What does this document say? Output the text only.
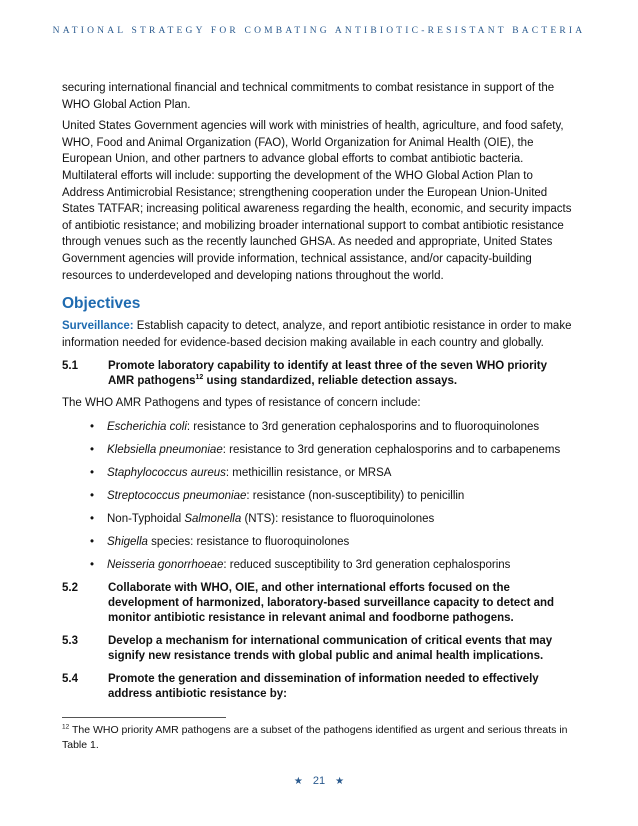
NATIONAL STRATEGY FOR COMBATING ANTIBIOTIC-RESISTANT BACTERIA

securing international financial and technical commitments to combat resistance in support of the WHO Global Action Plan.

United States Government agencies will work with ministries of health, agriculture, and food safety, WHO, Food and Animal Organization (FAO), World Organization for Animal Health (OIE), the European Union, and other partners to advance global efforts to combat antibiotic bacteria. Multilateral efforts will include: supporting the development of the WHO Global Action Plan to Address Antimicrobial Resistance; strengthening cooperation under the European Union-United States TATFAR; increasing political awareness regarding the health, economic, and security impacts of antibiotic resistance; and mobilizing broader international support to combat antibiotic resistance through venues such as the recently launched GHSA. As needed and appropriate, United States Government agencies will provide information, technical assistance, and/or capacity-building resources to underdeveloped and developing nations throughout the world.

Objectives

Surveillance: Establish capacity to detect, analyze, and report antibiotic resistance in order to make information needed for evidence-based decision making available in each country and globally.

5.1	Promote laboratory capability to identify at least three of the seven WHO priority AMR pathogens$^{12}$ using standardized, reliable detection assays.

The WHO AMR Pathogens and types of resistance of concern include:

• Escherichia coli: resistance to 3rd generation cephalosporins and to fluoroquinolones
• Klebsiella pneumoniae: resistance to 3rd generation cephalosporins and to carbapenems
• Staphylococcus aureus: methicillin resistance, or MRSA
• Streptococcus pneumoniae: resistance (non-susceptibility) to penicillin
• Non-Typhoidal Salmonella (NTS): resistance to fluoroquinolones
• Shigella species: resistance to fluoroquinolones
• Neisseria gonorrhoeae: reduced susceptibility to 3rd generation cephalosporins
5.2	Collaborate with WHO, OIE, and other international efforts focused on the development of harmonized, laboratory-based surveillance capacity to detect and monitor antibiotic resistance in relevant animal and foodborne pathogens.
5.3	Develop a mechanism for international communication of critical events that may signify new resistance trends with global public and animal health implications.
5.4	Promote the generation and dissemination of information needed to effectively address antibiotic resistance by:
$^{12}$ The WHO priority AMR pathogens are a subset of the pathogens identified as urgent and serious threats in Table 1.
★ 21 ★
